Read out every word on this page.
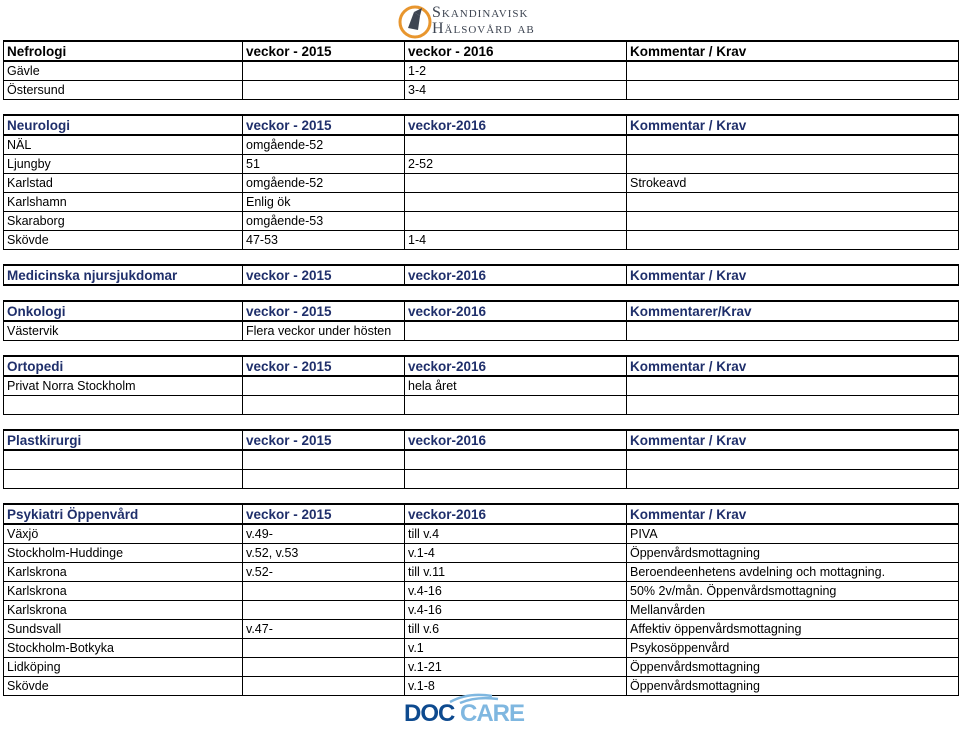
Skandinavisk
Hälsovård ab
Nefrologi	veckor - 2015	veckor - 2016	Kommentar / Krav
Gävle		1-2	
Östersund		3-4	

Neurologi	veckor - 2015	veckor-2016	Kommentar / Krav
NÄL	omgående-52		
Ljungby	51	2-52	
Karlstad	omgående-52		Strokeavd
Karlshamn	Enlig ök		
Skaraborg	omgående-53		
Skövde	47-53	1-4	

Medicinska njursjukdomar	veckor - 2015	veckor-2016	Kommentar / Krav

Onkologi	veckor - 2015	veckor-2016	Kommentarer/Krav
Västervik	Flera veckor under hösten		

Ortopedi	veckor - 2015	veckor-2016	Kommentar / Krav
Privat Norra Stockholm		hela året	

Plastkirurgi	veckor - 2015	veckor-2016	Kommentar / Krav

Psykiatri Öppenvård	veckor - 2015	veckor-2016	Kommentar / Krav
Växjö	v.49-	till v.4	PIVA
Stockholm-Huddinge	v.52, v.53	v.1-4	Öppenvårdsmottagning
Karlskrona	v.52-	till v.11	Beroendeenhetens avdelning och mottagning.
Karlskrona		v.4-16	50% 2v/mån. Öppenvårdsmottagning
Karlskrona		v.4-16	Mellanvården
Sundsvall	v.47-	till v.6	Affektiv öppenvårdsmottagning
Stockholm-Botkyka		v.1	Psykosöppenvård
Lidköping		v.1-21	Öppenvårdsmottagning
Skövde		v.1-8	Öppenvårdsmottagning
DOC CARE
